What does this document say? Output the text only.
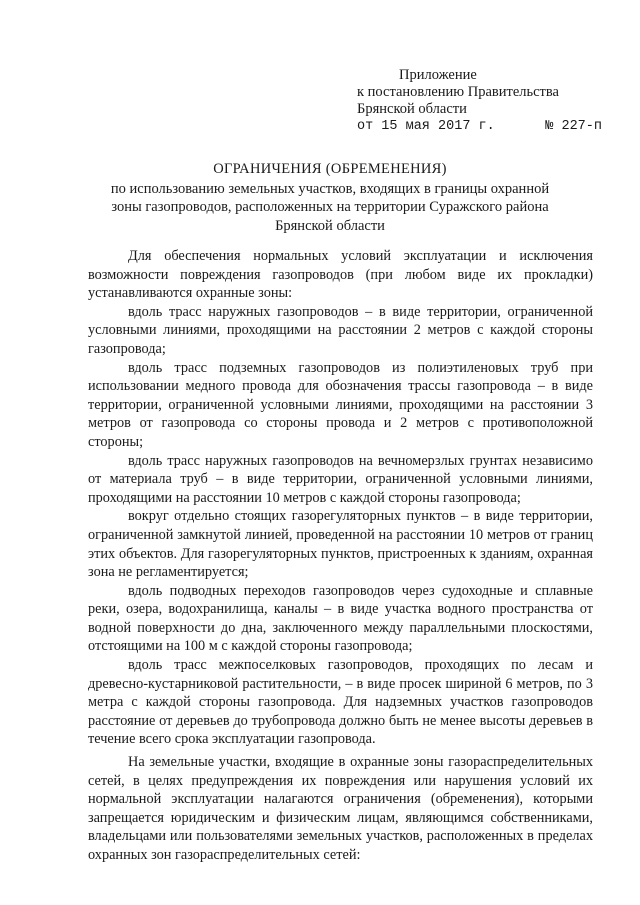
Приложение
к постановлению Правительства
Брянской области
от 15 мая 2017 г.	№ 227-п
ОГРАНИЧЕНИЯ (ОБРЕМЕНЕНИЯ)
по использованию земельных участков, входящих в границы охранной
зоны газопроводов, расположенных на территории Суражского района
Брянской области

Для обеспечения нормальных условий эксплуатации и исключения возможности повреждения газопроводов (при любом виде их прокладки) устанавливаются охранные зоны:

вдоль трасс наружных газопроводов – в виде территории, ограниченной условными линиями, проходящими на расстоянии 2 метров с каждой стороны газопровода;

вдоль трасс подземных газопроводов из полиэтиленовых труб при использовании медного провода для обозначения трассы газопровода – в виде территории, ограниченной условными линиями, проходящими на расстоянии 3 метров от газопровода со стороны провода и 2 метров с противоположной стороны;

вдоль трасс наружных газопроводов на вечномерзлых грунтах независимо от материала труб – в виде территории, ограниченной условными линиями, проходящими на расстоянии 10 метров с каждой стороны газопровода;

вокруг отдельно стоящих газорегуляторных пунктов – в виде территории, ограниченной замкнутой линией, проведенной на расстоянии 10 метров от границ этих объектов. Для газорегуляторных пунктов, пристроенных к зданиям, охранная зона не регламентируется;

вдоль подводных переходов газопроводов через судоходные и сплавные реки, озера, водохранилища, каналы – в виде участка водного пространства от водной поверхности до дна, заключенного между параллельными плоскостями, отстоящими на 100 м с каждой стороны газопровода;

вдоль трасс межпоселковых газопроводов, проходящих по лесам и древесно-кустарниковой растительности, – в виде просек шириной 6 метров, по 3 метра с каждой стороны газопровода. Для надземных участков газопроводов расстояние от деревьев до трубопровода должно быть не менее высоты деревьев в течение всего срока эксплуатации газопровода.

На земельные участки, входящие в охранные зоны газораспределительных сетей, в целях предупреждения их повреждения или нарушения условий их нормальной эксплуатации налагаются ограничения (обременения), которыми запрещается юридическим и физическим лицам, являющимся собственниками, владельцами или пользователями земельных участков, расположенных в пределах охранных зон газораспределительных сетей:
